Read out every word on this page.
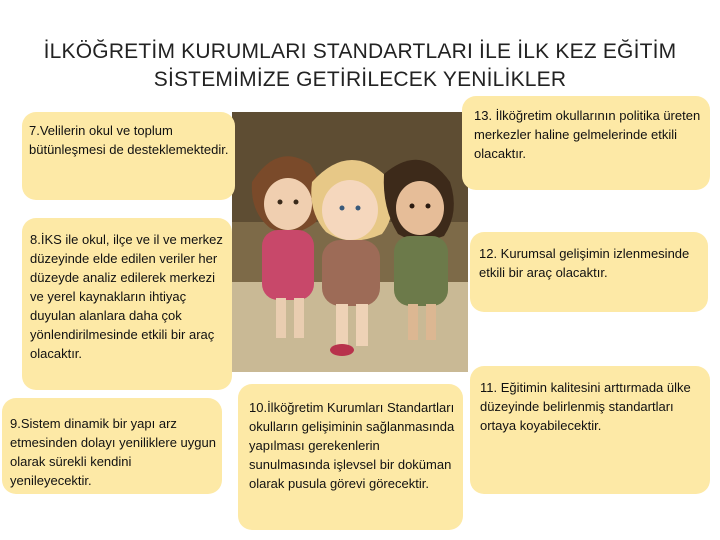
İLKÖĞRETİM KURUMLARI STANDARTLARI İLE İLK KEZ EĞİTİM
SİSTEMİMİZE GETİRİLECEK YENİLİKLER
7.Velilerin okul ve toplum bütünleşmesi de desteklemektedir.
13. İlköğretim okullarının politika üreten merkezler haline gelmelerinde etkili olacaktır.
8.İKS ile okul, ilçe ve il ve merkez düzeyinde elde edilen veriler her düzeyde analiz edilerek merkezi ve yerel kaynakların ihtiyaç duyulan alanlara daha çok yönlendirilmesinde etkili bir araç olacaktır.
12. Kurumsal gelişimin izlenmesinde etkili bir araç olacaktır.
9.Sistem dinamik bir yapı arz etmesinden dolayı yeniliklere uygun olarak sürekli kendini yenileyecektir.
10.İlköğretim Kurumları Standartları okulların gelişiminin sağlanmasında yapılması gerekenlerin sunulmasında işlevsel bir doküman olarak pusula görevi görecektir.
11. Eğitimin kalitesini arttırmada ülke düzeyinde belirlenmiş standartları ortaya koyabilecektir.
